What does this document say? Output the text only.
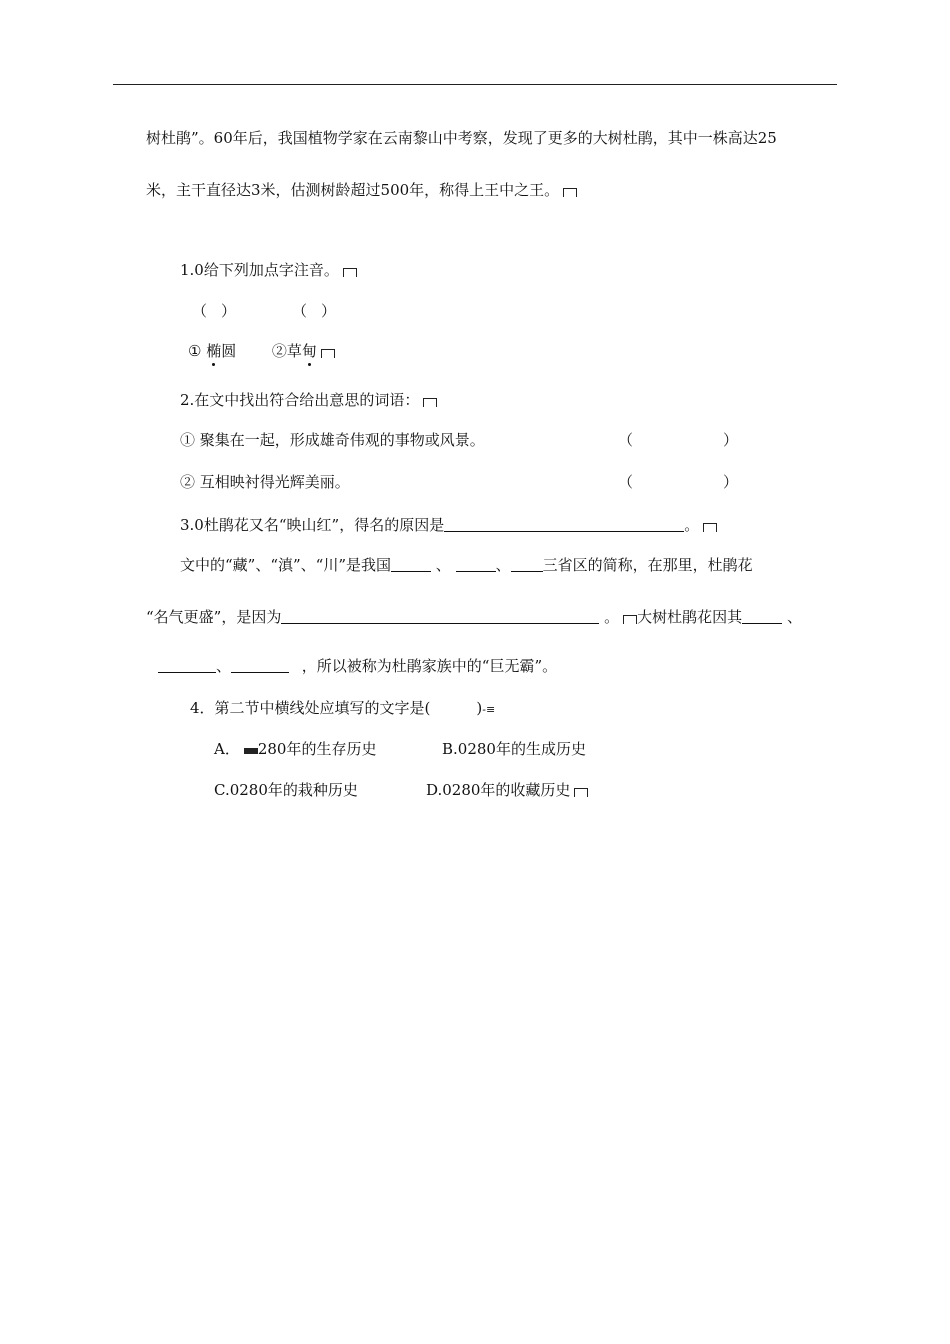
树杜鹃”。60年后，我国植物学家在云南黎山中考察，发现了更多的大树杜鹃，其中一株高达25
米，主干直径达3米，估测树龄超过500年，称得上王中之王。
1.0给下列加点字注音。
（ ）	（ ）
① 椭圆 ②草甸
2.在文中找出符合给出意思的词语：
① 聚集在一起，形成雄奇伟观的事物或风景。	（	）
② 互相映衬得光辉美丽。	（	）
3.0杜鹃花又名“映山红”，得名的原因是	。
文中的“藏”、“滇”、“川”是我国	、	、 三省区的简称，在那里，杜鹃花
“名气更盛”，是因为	。 大树杜鹃花因其	、
、	，所以被称为杜鹃家族中的“巨无霸”。
4．第二节中横线处应填写的文字是(	)-≡
A． 280年的生存历史	B.0280年的生成历史
C.0280年的栽种历史	D.0280年的收藏历史
